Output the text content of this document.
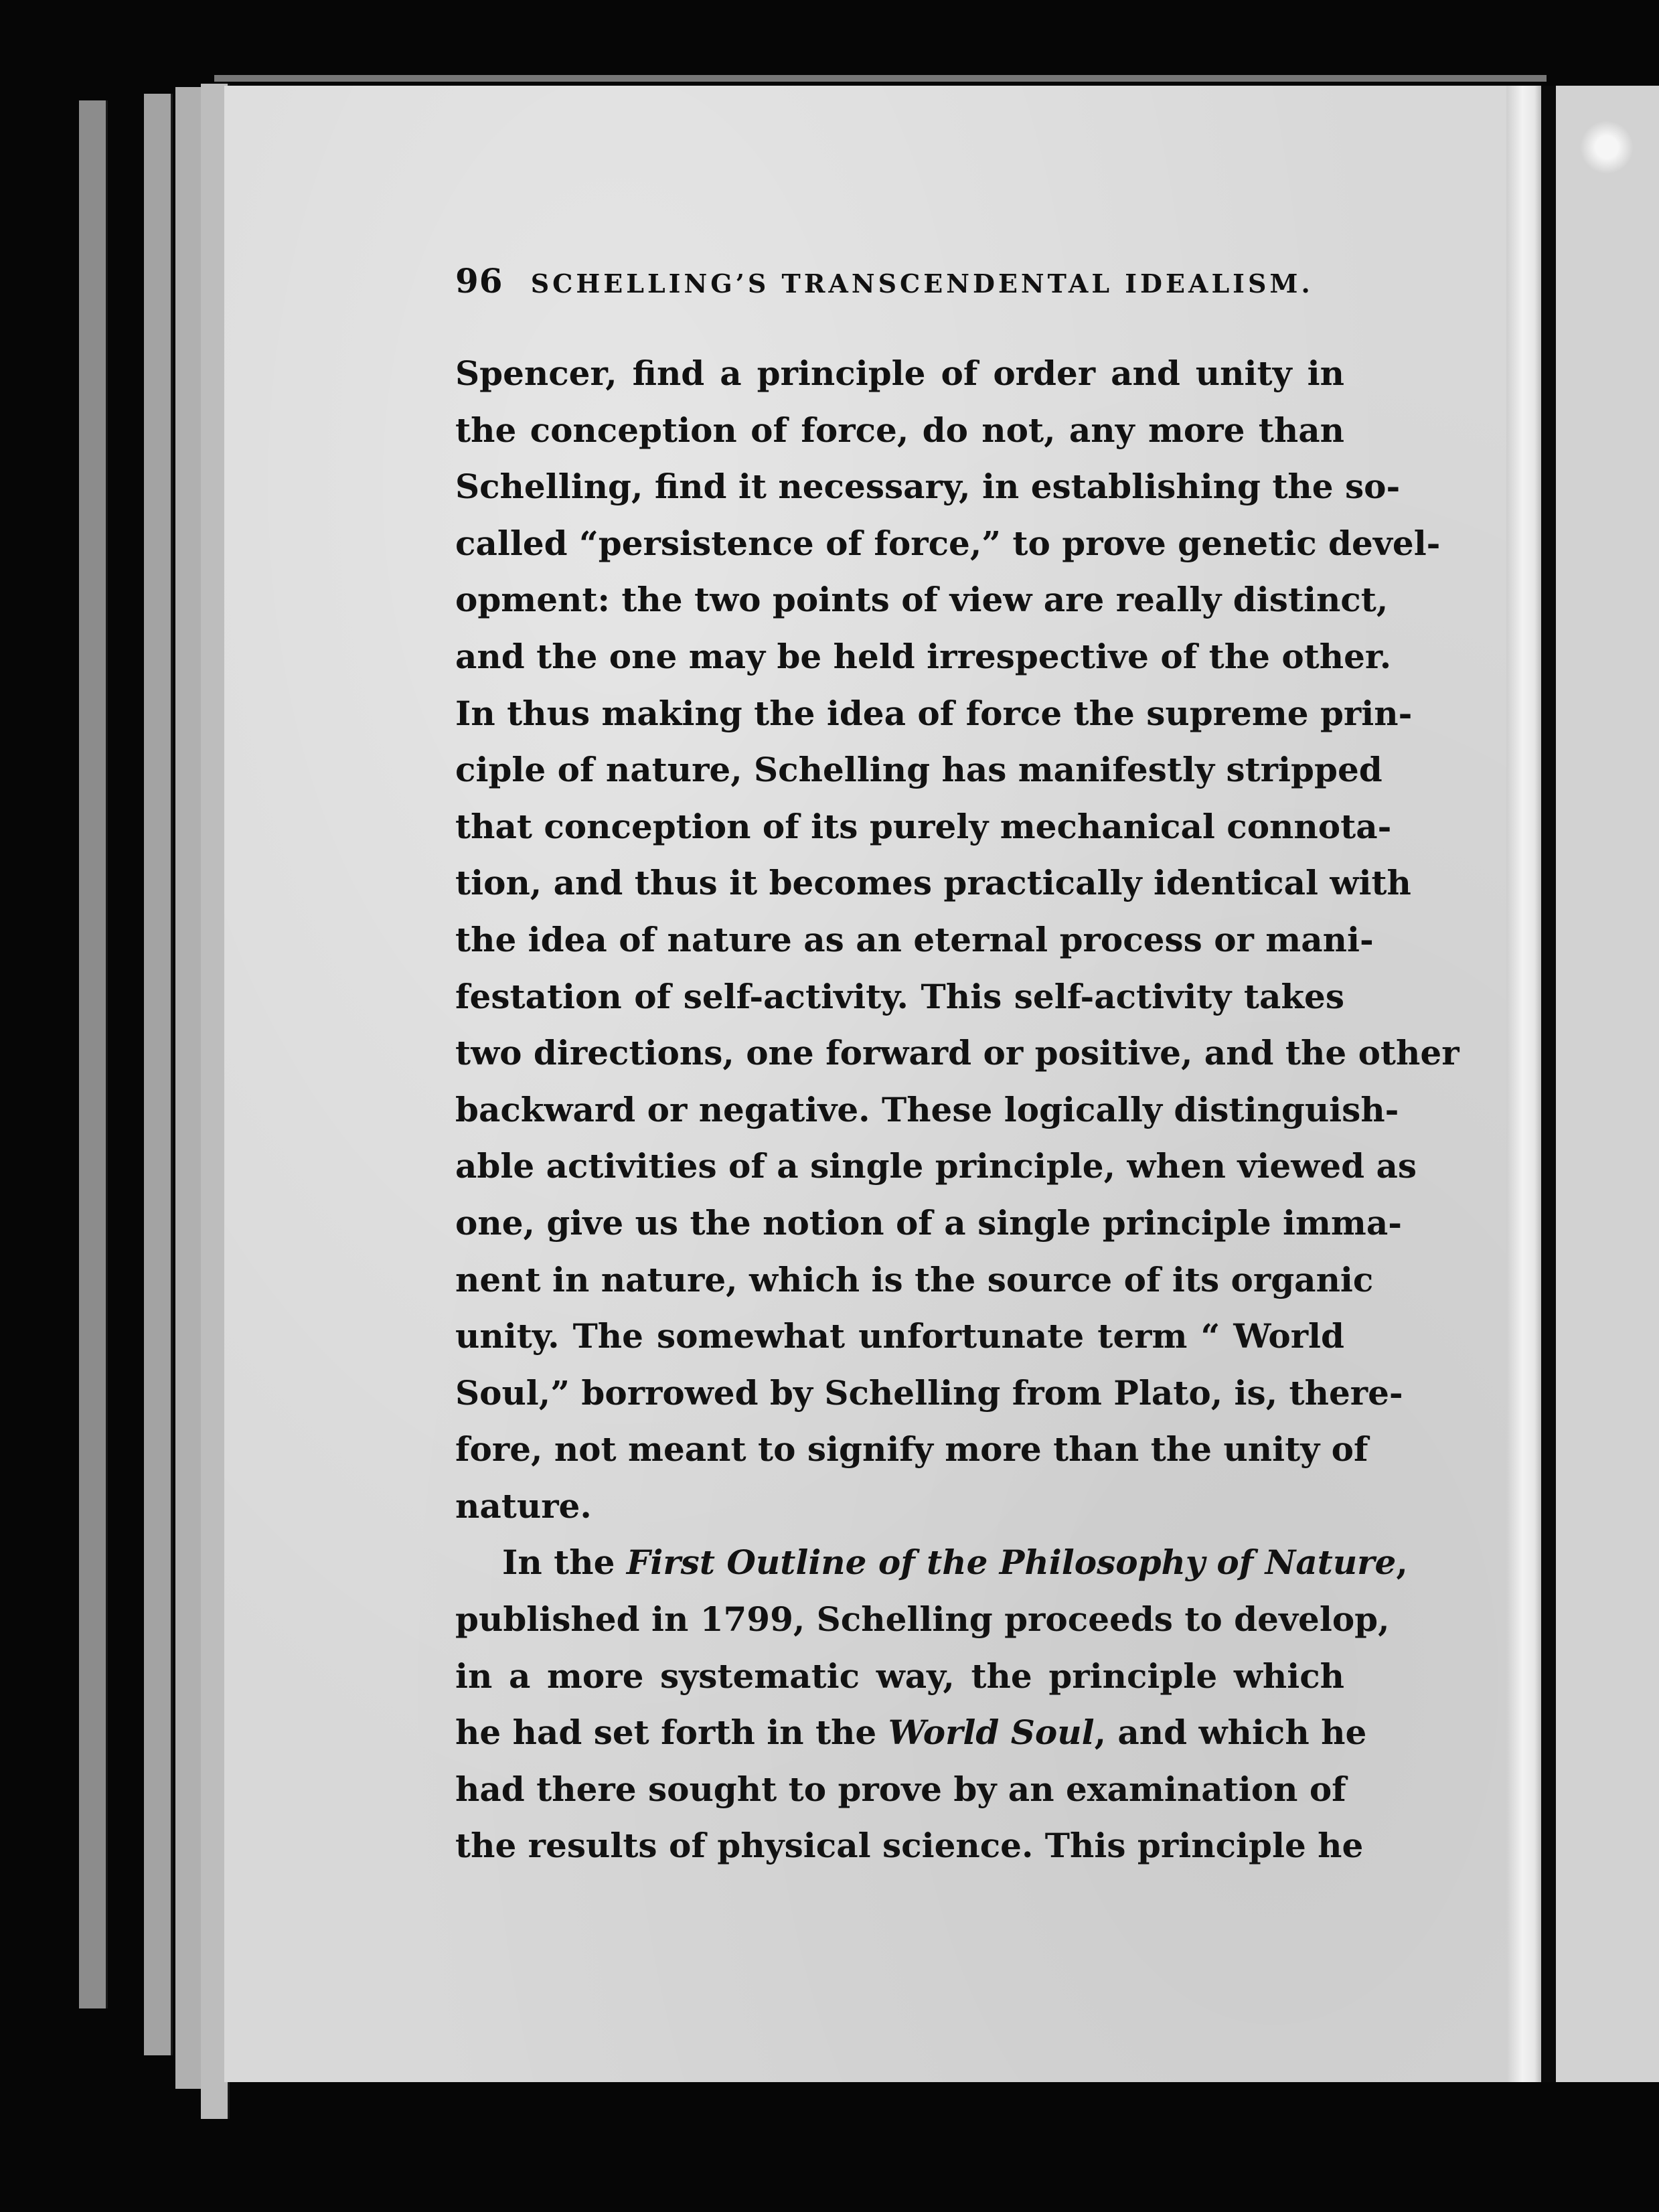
96 SCHELLING’S TRANSCENDENTAL IDEALISM.
Spencer, find a principle of order and unity in
the conception of force, do not, any more than
Schelling, find it necessary, in establishing the so-
called “persistence of force,” to prove genetic devel-
opment: the two points of view are really distinct,
and the one may be held irrespective of the other.
In thus making the idea of force the supreme prin-
ciple of nature, Schelling has manifestly stripped
that conception of its purely mechanical connota-
tion, and thus it becomes practically identical with
the idea of nature as an eternal process or mani-
festation of self-activity. This self-activity takes
two directions, one forward or positive, and the other
backward or negative. These logically distinguish-
able activities of a single principle, when viewed as
one, give us the notion of a single principle imma-
nent in nature, which is the source of its organic
unity. The somewhat unfortunate term “ World
Soul,” borrowed by Schelling from Plato, is, there-
fore, not meant to signify more than the unity of
nature.
In the First Outline of the Philosophy of Nature,
published in 1799, Schelling proceeds to develop,
in a more systematic way, the principle which
he had set forth in the World Soul, and which he
had there sought to prove by an examination of
the results of physical science. This principle he
